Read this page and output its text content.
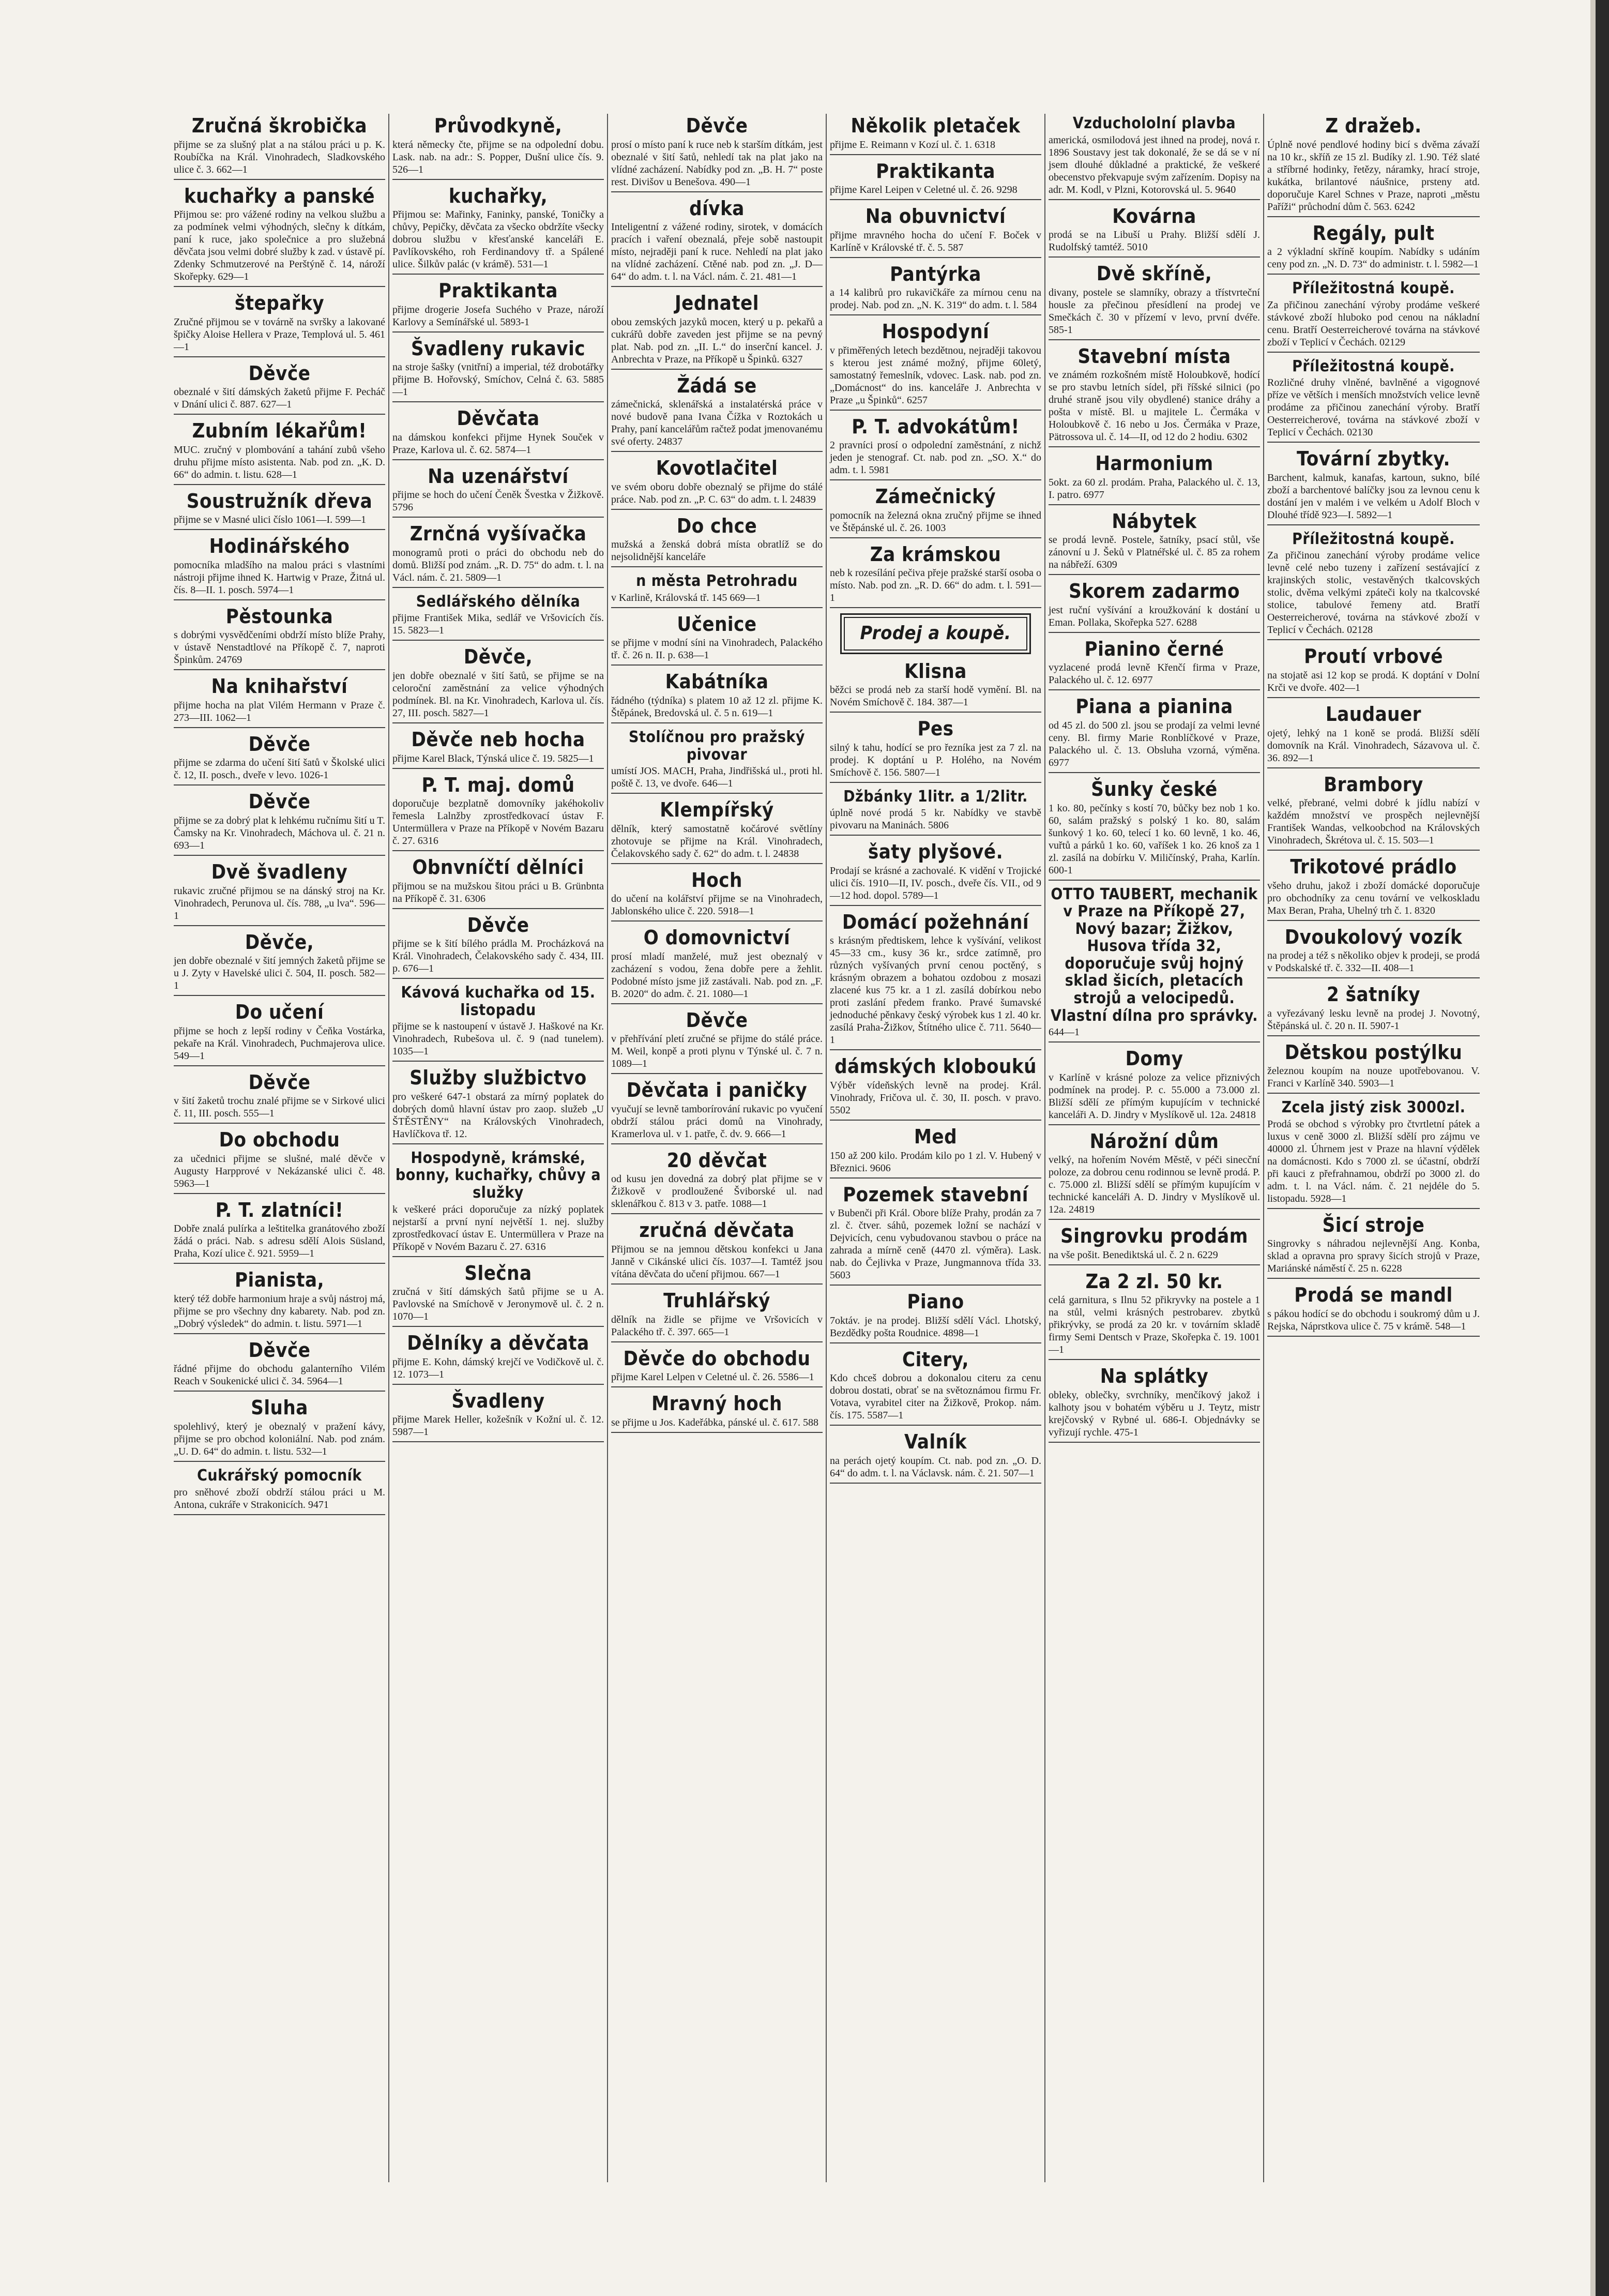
Zručná škrobička

přijme se za slušný plat a na stálou práci u p. K. Roubíčka na Král. Vinohradech, Sladkovského ulice č. 3. 662—1

kuchařky a panské

Přijmou se: pro vážené rodiny na velkou službu a za podmínek velmi výhodných, slečny k dítkám, paní k ruce, jako společnice a pro služebná děvčata jsou velmi dobré služby k zad. v ústavě pí. Zdenky Schmutzerové na Perštýně č. 14, nároží Skořepky. 629—1

štepařky

Zručné přijmou se v továrně na svršky a lakované špičky Aloise Hellera v Praze, Templová ul. 5. 461—1

Děvče

obeznalé v šití dámských žaketů přijme F. Pecháč v Dnání ulici č. 887. 627—1

Zubním lékařům!

MUC. zručný v plombování a tahání zubů všeho druhu přijme místo asistenta. Nab. pod zn. „K. D. 66“ do admin. t. listu. 628—1

Soustružník dřeva

přijme se v Masné ulici číslo 1061—I. 599—1

Hodinářského

pomocníka mladšího na malou práci s vlastními nástroji přijme ihned K. Hartwig v Praze, Žitná ul. čís. 8—II. 1. posch. 5974—1

Pěstounka

s dobrými vysvědčeními obdrží místo blíže Prahy, v ústavě Nenstadtlové na Příkopě č. 7, naproti Špinkům. 24769

Na knihařství

přijme hocha na plat Vilém Hermann v Praze č. 273—III. 1062—1

Děvče

přijme se zdarma do učení šití šatů v Školské ulici č. 12, II. posch., dveře v levo. 1026-1

Děvče

přijme se za dobrý plat k lehkému ručnímu šití u T. Čamsky na Kr. Vinohradech, Máchova ul. č. 21 n. 693—1

Dvě švadleny

rukavic zručné přijmou se na dánský stroj na Kr. Vinohradech, Perunova ul. čís. 788, „u lva“. 596—1

Děvče,

jen dobře obeznalé v šití jemných žaketů přijme se u J. Zyty v Havelské ulici č. 504, II. posch. 582—1

Do učení

přijme se hoch z lepší rodiny v Čeňka Vostárka, pekaře na Král. Vinohradech, Puchmajerova ulice. 549—1

Děvče

v šití žaketů trochu znalé přijme se v Sirkové ulici č. 11, III. posch. 555—1

Do obchodu

za učednici přijme se slušné, malé děvče v Augusty Harpprové v Nekázanské ulici č. 48. 5963—1

P. T. zlatníci!

Dobře znalá pulírka a leštitelka granátového zboží žádá o práci. Nab. s adresu sdělí Alois Süsland, Praha, Kozí ulice č. 921. 5959—1

Pianista,

který též dobře harmonium hraje a svůj nástroj má, přijme se pro všechny dny kabarety. Nab. pod zn. „Dobrý výsledek“ do admin. t. listu. 5971—1

Děvče

řádné přijme do obchodu galanterního Vilém Reach v Soukenické ulici č. 34. 5964—1

Sluha

spolehlivý, který je obeznalý v pražení kávy, přijme se pro obchod koloniální. Nab. pod znám. „U. D. 64“ do admin. t. listu. 532—1

Cukrářský pomocník

pro sněhové zboží obdrží stálou práci u M. Antona, cukráře v Strakonicích. 9471

Průvodkyně,

která německy čte, přijme se na odpolední dobu. Lask. nab. na adr.: S. Popper, Dušní ulice čís. 9. 526—1

kuchařky,

Přijmou se: Mařinky, Faninky, panské, Toničky a chůvy, Pepičky, děvčata za všecko obdržíte všecky dobrou službu v křesťanské kanceláři E. Pavlíkovského, roh Ferdinandovy tř. a Spálené ulice. Šilkův palác (v krámě). 531—1

Praktikanta

přijme drogerie Josefa Suchého v Praze, nároží Karlovy a Semínářské ul. 5893-1

Švadleny rukavic

na stroje šašky (vnitřní) a imperial, též drobotářky přijme B. Hořovský, Smíchov, Celná č. 63. 5885—1

Děvčata

na dámskou konfekci přijme Hynek Souček v Praze, Karlova ul. č. 62. 5874—1

Na uzenářství

přijme se hoch do učení Čeněk Švestka v Žižkově. 5796

Zrnčná vyšívačka

monogramů proti o práci do obchodu neb do domů. Bližší pod znám. „R. D. 75“ do adm. t. l. na Václ. nám. č. 21. 5809—1

Sedlářského dělníka

přijme František Mika, sedlář ve Vršovicích čís. 15. 5823—1

Děvče,

jen dobře obeznalé v šití šatů, se přijme se na celoroční zaměstnání za velice výhodných podmínek. Bl. na Kr. Vinohradech, Karlova ul. čís. 27, III. posch. 5827—1

Děvče neb hocha

přijme Karel Black, Týnská ulice č. 19. 5825—1

P. T. maj. domů

doporučuje bezplatně domovníky jakéhokoliv řemesla Lalnžby zprostředkovací ústav F. Untermüllera v Praze na Příkopě v Novém Bazaru č. 27. 6316

Obnvníčtí dělníci

přijmou se na mužskou šitou práci u B. Grünbnta na Příkopě č. 31. 6306

Děvče

přijme se k šití bílého prádla M. Procházková na Král. Vinohradech, Čelakovského sady č. 434, III. p. 676—1

Kávová kuchařka od 15. listopadu

přijme se k nastoupení v ústavě J. Haškové na Kr. Vinohradech, Rubešova ul. č. 9 (nad tunelem). 1035—1

Služby službictvo

pro veškeré 647-1 obstará za mírný poplatek do dobrých domů hlavní ústav pro zaop. služeb „U ŠTĚSTĚNY“ na Královských Vinohradech, Havlíčkova tř. 12.

Hospodyně, krámské, bonny, kuchařky, chůvy a služky

k veškeré práci doporučuje za nízký poplatek nejstarší a první nyní největší 1. nej. služby zprostředkovací ústav E. Untermüllera v Praze na Příkopě v Novém Bazaru č. 27. 6316

Slečna

zručná v šití dámských šatů přijme se u A. Pavlovské na Smíchově v Jeronymově ul. č. 2 n. 1070—1

Dělníky a děvčata

přijme E. Kohn, dámský krejčí ve Vodičkově ul. č. 12. 1073—1

Švadleny

přijme Marek Heller, kožešník v Kožní ul. č. 12. 5987—1

Děvče

prosí o místo paní k ruce neb k starším dítkám, jest obeznalé v šití šatů, nehledí tak na plat jako na vlídné zacházení. Nabídky pod zn. „B. H. 7“ poste rest. Divišov u Benešova. 490—1

dívka

Inteligentní z vážené rodiny, sirotek, v domácích pracích i vaření obeznalá, přeje sobě nastoupit místo, nejraději paní k ruce. Nehledí na plat jako na vlídné zacházení. Ctěné nab. pod zn. „J. D—64“ do adm. t. l. na Václ. nám. č. 21. 481—1

Jednatel

obou zemských jazyků mocen, který u p. pekařů a cukrářů dobře zaveden jest přijme se na pevný plat. Nab. pod zn. „II. L.“ do inserční kancel. J. Anbrechta v Praze, na Příkopě u Špinků. 6327

Žádá se

zámečnická, sklenářská a instalatérská práce v nové budově pana Ivana Čížka v Roztokách u Prahy, paní kancelářům račtež podat jmenovanému své oferty. 24837

Kovotlačitel

ve svém oboru dobře obeznalý se přijme do stálé práce. Nab. pod zn. „P. C. 63“ do adm. t. l. 24839

Do chce

mužská a ženská dobrá místa obratlíž se do nejsolidnější kanceláře

n města Petrohradu

v Karlině, Královská tř. 145 669—1

Učenice

se přijme v modní síni na Vinohradech, Palackého tř. č. 26 n. II. p. 638—1

Kabátníka

řádného (týdníka) s platem 10 až 12 zl. přijme K. Štěpánek, Bredovská ul. č. 5 n. 619—1

Stolíčnou pro pražský pivovar

umístí JOS. MACH, Praha, Jindřišská ul., proti hl. poště č. 13, ve dvoře. 646—1

Klempířský

dělník, který samostatně kočárové světlíny zhotovuje se přijme na Král. Vinohradech, Čelakovského sady č. 62“ do adm. t. l. 24838

Hoch

do učení na kolářství přijme se na Vinohradech, Jablonského ulice č. 220. 5918—1

O domovnictví

prosí mladí manželé, muž jest obeznalý v zacházení s vodou, žena dobře pere a žehlit. Podobné místo jsme již zastávali. Nab. pod zn. „F. B. 2020“ do adm. č. 21. 1080—1

Děvče

v přehřívání pletí zručné se přijme do stálé práce. M. Weil, konpě a proti plynu v Týnské ul. č. 7 n. 1089—1

Děvčata i paničky

vyučují se levně tamborírování rukavic po vyučení obdrží stálou práci domů na Vinohrady, Kramerlova ul. v 1. patře, č. dv. 9. 666—1

20 děvčat

od kusu jen dovedná za dobrý plat přijme se v Žižkově v prodloužené Šviborské ul. nad sklenářkou č. 813 v 3. patře. 1088—1

zručná děvčata

Přijmou se na jemnou dětskou konfekci u Jana Janně v Cikánské ulici čís. 1037—I. Tamtéž jsou vítána děvčata do učení přijmou. 667—1

Truhlářský

dělník na židle se přijme ve Vršovicích v Palackého tř. č. 397. 665—1

Děvče do obchodu

přijme Karel Lelpen v Celetné ul. č. 26. 5586—1

Mravný hoch

se přijme u Jos. Kadeřábka, pánské ul. č. 617. 588

Několik pletaček

přijme E. Reimann v Kozí ul. č. 1. 6318

Praktikanta

přijme Karel Leipen v Celetné ul. č. 26. 9298

Na obuvnictví

přijme mravného hocha do učení F. Boček v Karlíně v Královské tř. č. 5. 587

Pantýrka

a 14 kalibrů pro rukavičkáře za mírnou cenu na prodej. Nab. pod zn. „N. K. 319“ do adm. t. l. 584

Hospodyní

v přiměřených letech bezdětnou, nejraději takovou s kterou jest známé možný, přijme 60letý, samostatný řemeslník, vdovec. Lask. nab. pod zn. „Domácnost“ do ins. kanceláře J. Anbrechta v Praze „u Špinků“. 6257

P. T. advokátům!

2 pravníci prosí o odpolední zaměstnání, z nichž jeden je stenograf. Ct. nab. pod zn. „SO. X.“ do adm. t. l. 5981

Zámečnický

pomocník na železná okna zručný přijme se ihned ve Štěpánské ul. č. 26. 1003

Za krámskou

neb k rozesílání pečiva přeje pražské starší osoba o místo. Nab. pod zn. „R. D. 66“ do adm. t. l. 591—1

Prodej a koupě.
Klisna

běžci se prodá neb za starší hodě vymění. Bl. na Novém Smíchově č. 184. 387—1

Pes

silný k tahu, hodící se pro řezníka jest za 7 zl. na prodej. K doptání u P. Holého, na Novém Smíchově č. 156. 5807—1

Džbánky 1litr. a 1/2litr.

úplně nové prodá 5 kr. Nabídky ve stavbě pivovaru na Maninách. 5806

šaty plyšové.

Prodají se krásné a zachovalé. K vidění v Trojické ulici čís. 1910—II, IV. posch., dveře čís. VII., od 9—12 hod. dopol. 5789—1

Domácí požehnání

s krásným předtiskem, lehce k vyšívání, velikost 45—33 cm., kusy 36 kr., srdce zatímně, pro různých vyšívaných první cenou poctěný, s krásným obrazem a bohatou ozdobou z mosazi zlacené kus 75 kr. a 1 zl. zasílá dobírkou nebo proti zaslání předem franko. Pravé šumavské jednoduché pěnkavy český výrobek kus 1 zl. 40 kr. zasílá Praha-Žižkov, Štítného ulice č. 711. 5640—1

dámských kloboukú

Výběr vídeňských levně na prodej. Král. Vinohrady, Fričova ul. č. 30, II. posch. v pravo. 5502

Med

150 až 200 kilo. Prodám kilo po 1 zl. V. Hubený v Březnici. 9606

Pozemek stavební

v Bubenči při Král. Obore blíže Prahy, prodán za 7 zl. č. čtver. sáhů, pozemek ložní se nachází v Dejvicích, cenu vybudovanou stavbou o práce na zahrada a mírně ceně (4470 zl. výměra). Lask. nab. do Čejlivka v Praze, Jungmannova třída 33. 5603

Piano

7oktáv. je na prodej. Bližší sdělí Václ. Lhotský, Bezdědky pošta Roudnice. 4898—1

Citery,

Kdo chceš dobrou a dokonalou citeru za cenu dobrou dostati, obrať se na světoznámou firmu Fr. Votava, vyrabitel citer na Žižkově, Prokop. nám. čís. 175. 5587—1

Valník

na perách ojetý koupím. Ct. nab. pod zn. „O. D. 64“ do adm. t. l. na Václavsk. nám. č. 21. 507—1

Vzduchololní plavba

americká, osmilodová jest ihned na prodej, nová r. 1896 Soustavy jest tak dokonalé, že se dá se v ní jsem dlouhé důkladné a praktické, že veškeré obecenstvo překvapuje svým zařízením. Dopisy na adr. M. Kodl, v Plzni, Kotorovská ul. 5. 9640

Kovárna

prodá se na Libuší u Prahy. Bližší sdělí J. Rudolfský tamtéž. 5010

Dvě skříně,

divany, postele se slamníky, obrazy a třístvrteční housle za přečinou přesídlení na prodej ve Smečkách č. 30 v přízemí v levo, první dvéře. 585-1

Stavební místa

ve známém rozkošném místě Holoubkově, hodící se pro stavbu letních sídel, při říšské silnici (po druhé straně jsou vily obydlené) stanice dráhy a pošta v místě. Bl. u majitele L. Čermáka v Holoubkově č. 16 nebo u Jos. Čermáka v Praze, Pätrossova ul. č. 14—II, od 12 do 2 hodiu. 6302

Harmonium

5okt. za 60 zl. prodám. Praha, Palackého ul. č. 13, I. patro. 6977

Nábytek

se prodá levně. Postele, šatníky, psací stůl, vše zánovní u J. Šeků v Platnéřské ul. č. 85 za rohem na nábřeží. 6309

Skorem zadarmo

jest ruční vyšívání a kroužkování k dostání u Eman. Pollaka, Skořepka 527. 6288

Pianino černé

vyzlacené prodá levně Křenčí firma v Praze, Palackého ul. č. 12. 6977

Piana a pianina

od 45 zl. do 500 zl. jsou se prodají za velmi levné ceny. Bl. firmy Marie Ronblíčkové v Praze, Palackého ul. č. 13. Obsluha vzorná, výměna. 6977

Šunky české

1 ko. 80, pečínky s kostí 70, bůčky bez nob 1 ko. 60, salám pražský s polský 1 ko. 80, salám šunkový 1 ko. 60, telecí 1 ko. 60 levně, 1 ko. 46, vuřtů a párků 1 ko. 60, vaříšek 1 ko. 26 knoš za 1 zl. zasílá na dobírku V. Miličínský, Praha, Karlín. 600-1

OTTO TAUBERT, mechanik v Praze na Příkopě 27, Nový bazar; Žižkov, Husova třída 32, doporučuje svůj hojný sklad šicích, pletacích strojů a velocipedů. Vlastní dílna pro správky.

644—1

Domy

v Karlíně v krásné poloze za velice přiznivých podmínek na prodej. P. c. 55.000 a 73.000 zl. Bližší sdělí ze přímým kupujícím v technické kanceláři A. D. Jindry v Myslíkově ul. 12a. 24818

Nárožní dům

velký, na hořením Novém Městě, v péči sinecční poloze, za dobrou cenu rodinnou se levně prodá. P. c. 75.000 zl. Bližší sdělí se přímým kupujícím v technické kanceláři A. D. Jindry v Myslíkově ul. 12a. 24819

Singrovku prodám

na vše pošit. Benediktská ul. č. 2 n. 6229

Za 2 zl. 50 kr.

celá garnitura, s Ilnu 52 přikryvky na postele a 1 na stůl, velmi krásných pestrobarev. zbytků přikrývky, se prodá za 20 kr. v továrním skladě firmy Semi Dentsch v Praze, Skořepka č. 19. 1001—1

Na splátky

obleky, oblečky, svrchníky, menčíkový jakož i kalhoty jsou v bohatém výběru u J. Teytz, mistr krejčovský v Rybné ul. 686-I. Objednávky se vyřizují rychle. 475-1

Z dražeb.

Úplně nové pendlové hodiny bicí s dvěma závaží na 10 kr., skříň ze 15 zl. Budíky zl. 1.90. Též slaté a stříbrné hodinky, řetězy, náramky, hrací stroje, kukátka, brilantové náušnice, prsteny atd. doporučuje Karel Schnes v Praze, naproti „městu Paříži“ průchodní dům č. 563. 6242

Regály, pult

a 2 výkladní skříně koupím. Nabídky s udáním ceny pod zn. „N. D. 73“ do administr. t. l. 5982—1

Příležitostná koupě.

Za přičinou zanechání výroby prodáme veškeré stávkové zboží hluboko pod cenou na nákladní cenu. Bratří Oesterreicherové továrna na stávkové zboží v Teplicí v Čechách. 02129

Příležitostná koupě.

Rozličné druhy vlněné, bavlněné a vigognové příze ve větších i menších množstvích velice levně prodáme za přičinou zanechání výroby. Bratří Oesterreicherové, továrna na stávkové zboží v Teplicí v Čechách. 02130

Tovární zbytky.

Barchent, kalmuk, kanafas, kartoun, sukno, bílé zboží a barchentové balíčky jsou za levnou cenu k dostání jen v malém i ve velkém u Adolf Bloch v Dlouhé třídě 923—I. 5892—1

Příležitostná koupě.

Za přičinou zanechání výroby prodáme velice levně celé nebo tuzeny i zařízení sestávající z krajinských stolic, vestavěných tkalcovských stolic, dvěma velkými zpáteči koly na tkalcovské stolice, tabulové řemeny atd. Bratří Oesterreicherové, továrna na stávkové zboží v Teplicí v Čechách. 02128

Proutí vrbové

na stojatě asi 12 kop se prodá. K doptání v Dolní Krči ve dvoře. 402—1

Laudauer

ojetý, lehký na 1 koně se prodá. Bližší sdělí domovník na Král. Vinohradech, Sázavova ul. č. 36. 892—1

Brambory

velké, přebrané, velmi dobré k jídlu nabízí v každém množství ve prospěch nejlevnější František Wandas, velkoobchod na Královských Vinohradech, Škrétova ul. č. 15. 503—1

Trikotové prádlo

všeho druhu, jakož i zboží domácké doporučuje pro obchodníky za cenu tovární ve velkoskladu Max Beran, Praha, Uhelný trh č. 1. 8320

Dvoukolový vozík

na prodej a též s několiko objev k prodeji, se prodá v Podskalské tř. č. 332—II. 408—1

2 šatníky

a vyřezávaný lesku levně na prodej J. Novotný, Štěpánská ul. č. 20 n. II. 5907-1

Dětskou postýlku

železnou koupím na nouze upotřebovanou. V. Franci v Karlíně 340. 5903—1

Zcela jistý zisk 3000zl.

Prodá se obchod s výrobky pro čtvrtletní pátek a luxus v ceně 3000 zl. Bližší sdělí pro zájmu ve 40000 zl. Úhrnem jest v Praze na hlavní výdělek na domácnosti. Kdo s 7000 zl. se účastní, obdrží při kauci z přefrahnamou, obdrží po 3000 zl. do adm. t. l. na Václ. nám. č. 21 nejdéle do 5. listopadu. 5928—1

Šicí stroje

Singrovky s náhradou nejlevnější Ang. Konba, sklad a opravna pro spravy šicích strojů v Praze, Mariánské náměstí č. 25 n. 6228

Prodá se mandl

s pákou hodící se do obchodu i soukromý dům u J. Rejska, Náprstkova ulice č. 75 v krámě. 548—1
